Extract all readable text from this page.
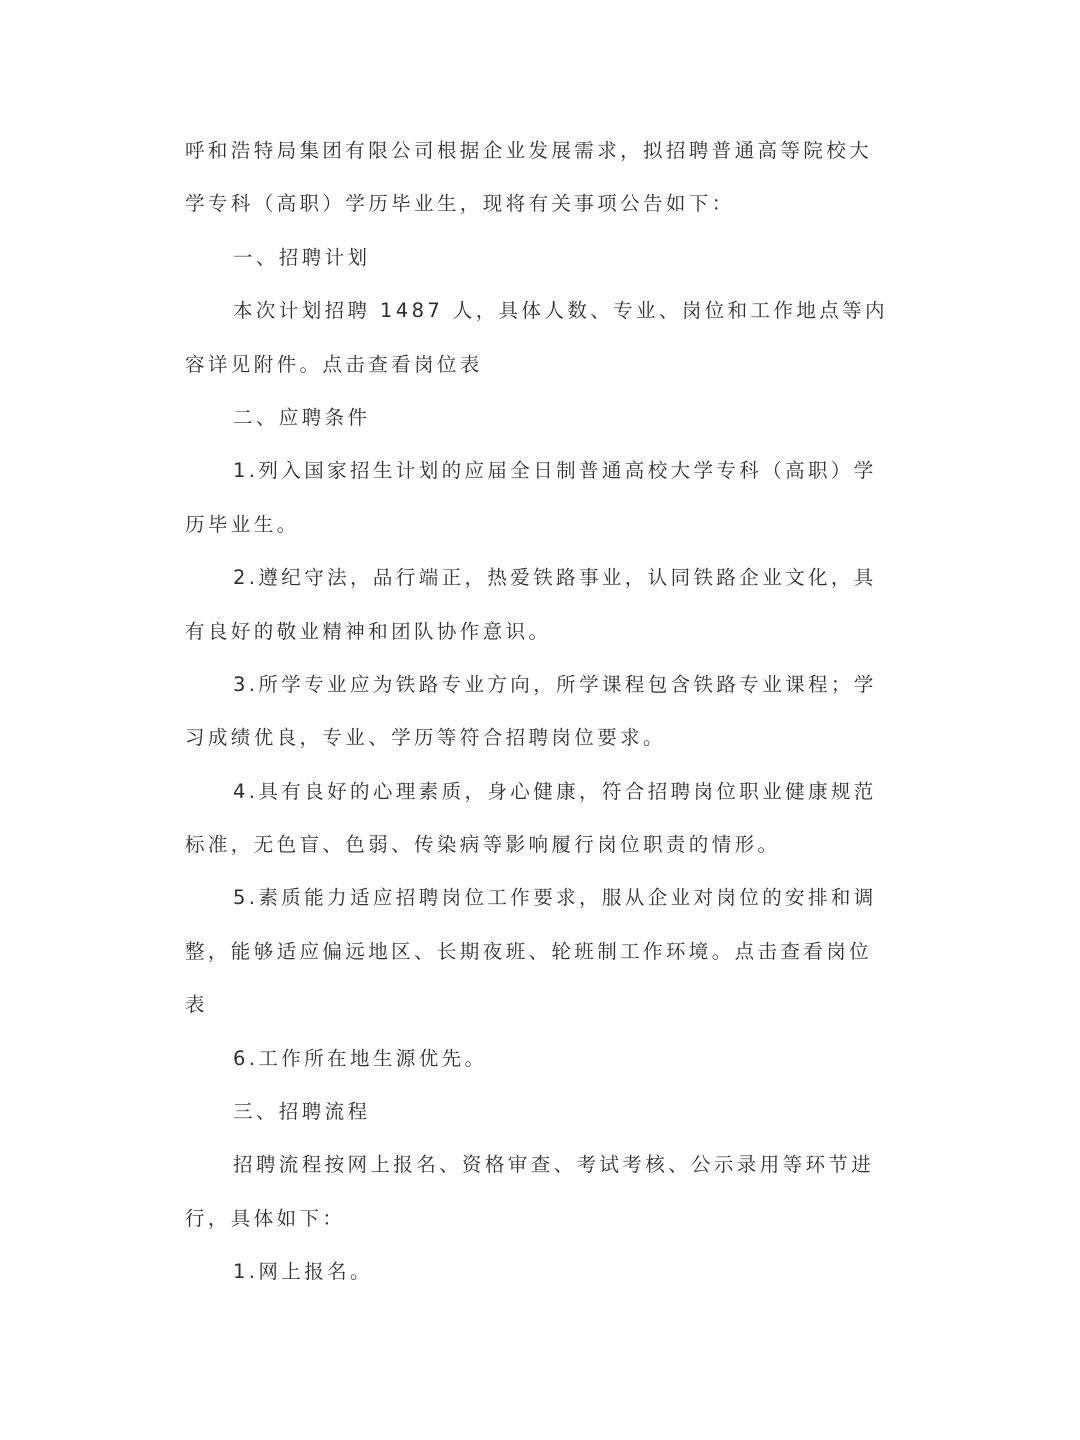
呼和浩特局集团有限公司根据企业发展需求，拟招聘普通高等院校大
学专科（高职）学历毕业生，现将有关事项公告如下：
一、招聘计划
本次计划招聘 1487 人，具体人数、专业、岗位和工作地点等内
容详见附件。点击查看岗位表
二、应聘条件
1.列入国家招生计划的应届全日制普通高校大学专科（高职）学
历毕业生。
2.遵纪守法，品行端正，热爱铁路事业，认同铁路企业文化，具
有良好的敬业精神和团队协作意识。
3.所学专业应为铁路专业方向，所学课程包含铁路专业课程；学
习成绩优良，专业、学历等符合招聘岗位要求。
4.具有良好的心理素质，身心健康，符合招聘岗位职业健康规范
标准，无色盲、色弱、传染病等影响履行岗位职责的情形。
5.素质能力适应招聘岗位工作要求，服从企业对岗位的安排和调
整，能够适应偏远地区、长期夜班、轮班制工作环境。点击查看岗位
表
6.工作所在地生源优先。
三、招聘流程
招聘流程按网上报名、资格审查、考试考核、公示录用等环节进
行，具体如下：
1.网上报名。
